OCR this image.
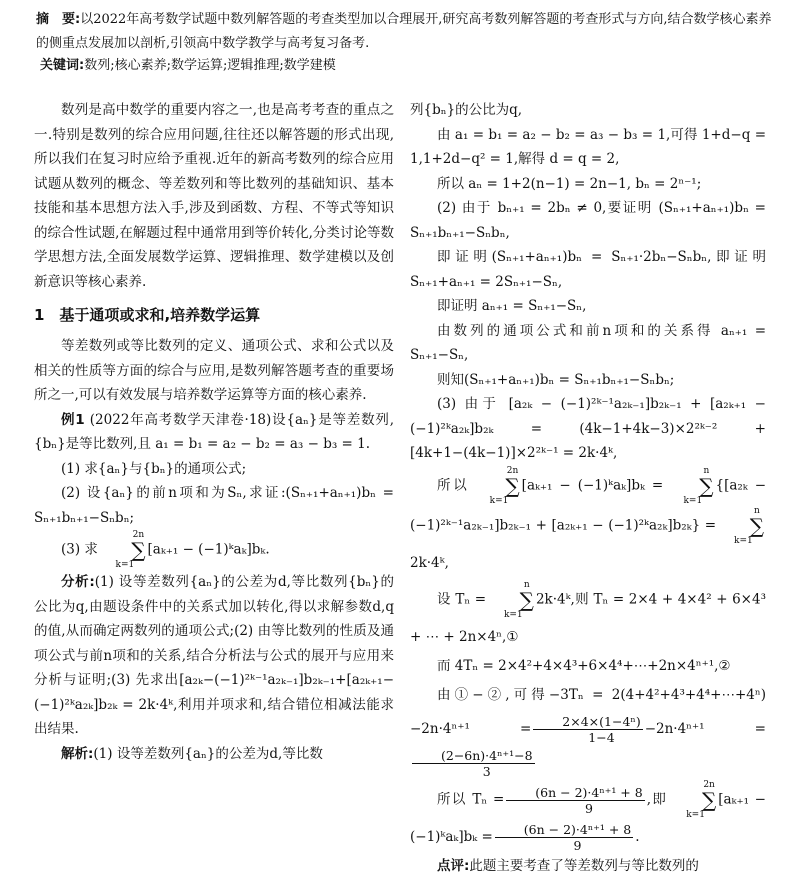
摘　要:以2022年高考数学试题中数列解答题的考查类型加以合理展开,研究高考数列解答题的考查形式与方向,结合数学核心素养的侧重点发展加以剖析,引领高中数学教学与高考复习备考.
关键词:数列;核心素养;数学运算;逻辑推理;数学建模

数列是高中数学的重要内容之一,也是高考考查的重点之一.特别是数列的综合应用问题,往往还以解答题的形式出现,所以我们在复习时应给予重视.近年的新高考数列的综合应用试题从数列的概念、等差数列和等比数列的基础知识、基本技能和基本思想方法入手,涉及到函数、方程、不等式等知识的综合性试题,在解题过程中通常用到等价转化,分类讨论等数学思想方法,全面发展数学运算、逻辑推理、数学建模以及创新意识等核心素养.

1　基于通项或求和,培养数学运算

等差数列或等比数列的定义、通项公式、求和公式以及相关的性质等方面的综合与应用,是数列解答题考查的重要场所之一,可以有效发展与培养数学运算等方面的核心素养.

例1 (2022年高考数学天津卷·18)设{aₙ}是等差数列,{bₙ}是等比数列,且 a₁ = b₁ = a₂ − b₂ = a₃ − b₃ = 1.

(1) 求{aₙ}与{bₙ}的通项公式;

(2) 设{aₙ}的前n项和为Sₙ,求证:(Sₙ₊₁+aₙ₊₁)bₙ = Sₙ₊₁bₙ₊₁−Sₙbₙ;

(3) 求 2n
∑
k=1[aₖ₊₁ − (−1)ᵏaₖ]bₖ.

分析:(1) 设等差数列{aₙ}的公差为d,等比数列{bₙ}的公比为q,由题设条件中的关系式加以转化,得以求解参数d,q的值,从而确定两数列的通项公式;(2) 由等比数列的性质及通项公式与前n项和的关系,结合分析法与公式的展开与应用来分析与证明;(3) 先求出[a₂ₖ−(−1)²ᵏ⁻¹a₂ₖ₋₁]b₂ₖ₋₁+[a₂ₖ₊₁−(−1)²ᵏa₂ₖ]b₂ₖ = 2k·4ᵏ,利用并项求和,结合错位相减法能求出结果.

解析:(1) 设等差数列{aₙ}的公差为d,等比数

列{bₙ}的公比为q,

由 a₁ = b₁ = a₂ − b₂ = a₃ − b₃ = 1,可得 1+d−q = 1,1+2d−q² = 1,解得 d = q = 2,

所以 aₙ = 1+2(n−1) = 2n−1, bₙ = 2ⁿ⁻¹;

(2) 由于 bₙ₊₁ = 2bₙ ≠ 0,要证明 (Sₙ₊₁+aₙ₊₁)bₙ = Sₙ₊₁bₙ₊₁−Sₙbₙ,

即证明(Sₙ₊₁+aₙ₊₁)bₙ = Sₙ₊₁·2bₙ−Sₙbₙ,即证明 Sₙ₊₁+aₙ₊₁ = 2Sₙ₊₁−Sₙ,

即证明 aₙ₊₁ = Sₙ₊₁−Sₙ,

由数列的通项公式和前n项和的关系得 aₙ₊₁ = Sₙ₊₁−Sₙ,

则知(Sₙ₊₁+aₙ₊₁)bₙ = Sₙ₊₁bₙ₊₁−Sₙbₙ;

(3) 由于 [a₂ₖ − (−1)²ᵏ⁻¹a₂ₖ₋₁]b₂ₖ₋₁ + [a₂ₖ₊₁ − (−1)²ᵏa₂ₖ]b₂ₖ = (4k−1+4k−3)×2²ᵏ⁻² + [4k+1−(4k−1)]×2²ᵏ⁻¹ = 2k·4ᵏ,

所以 2n
∑
k=1[aₖ₊₁ − (−1)ᵏaₖ]bₖ = n
∑
k=1{[a₂ₖ − (−1)²ᵏ⁻¹a₂ₖ₋₁]b₂ₖ₋₁ + [a₂ₖ₊₁ − (−1)²ᵏa₂ₖ]b₂ₖ} = n
∑
k=12k·4ᵏ,

设 Tₙ = n
∑
k=12k·4ᵏ,则 Tₙ = 2×4 + 4×4² + 6×4³ + ⋯ + 2n×4ⁿ,①

而 4Tₙ = 2×4²+4×4³+6×4⁴+⋯+2n×4ⁿ⁺¹,②

由①−②,可得−3Tₙ = 2(4+4²+4³+4⁴+⋯+4ⁿ)−2n·4ⁿ⁺¹ = $\frac{\text{2×4×(1−4ⁿ)}}{1-4} -2n\cdot 4^{n+1}$ =
$\frac{\text{(2−6n)·4ⁿ⁺¹−8}}{3}$

所以 $T_n = \frac{\text{(6n − 2)·4ⁿ⁺¹ + 8}}{9}$ ,即 2n
∑
k=1[aₖ₊₁ − (−1)ᵏaₖ]bₖ = $\frac{\text{(6n − 2)·4ⁿ⁺¹ + 8}}{9}$ .

点评:此题主要考查了等差数列与等比数列的
